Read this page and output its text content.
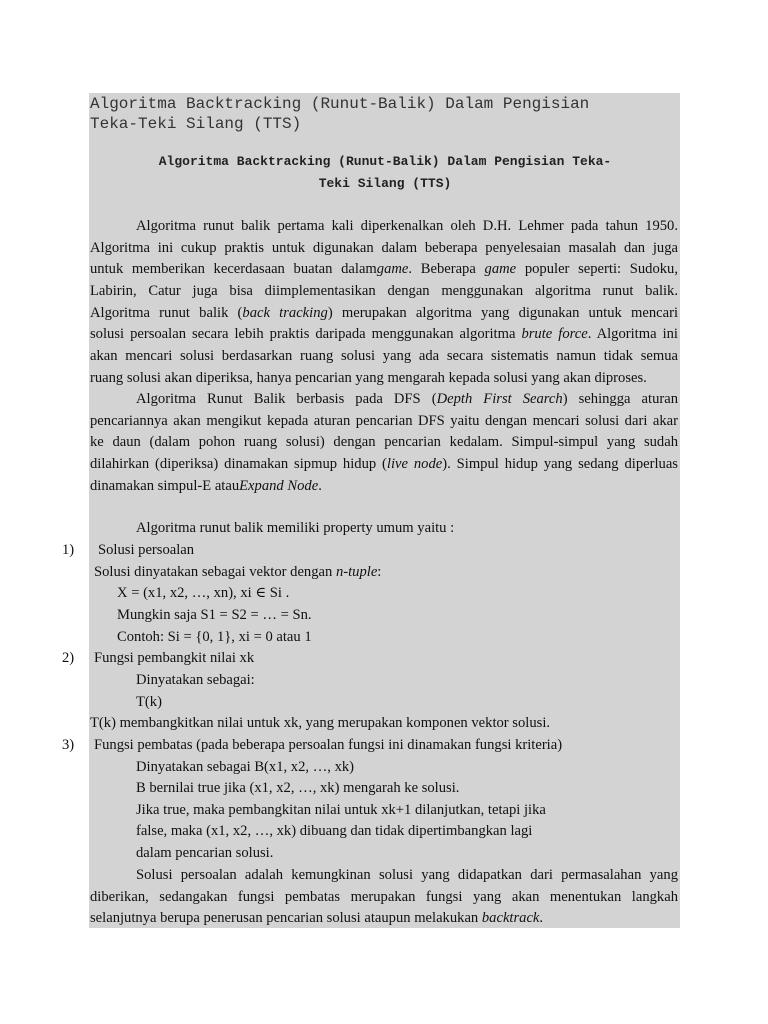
Algoritma Backtracking (Runut-Balik) Dalam Pengisian
Teka-Teki Silang (TTS)
Algoritma Backtracking (Runut-Balik) Dalam Pengisian Teka-
Teki Silang (TTS)
Algoritma runut balik pertama kali diperkenalkan oleh D.H. Lehmer pada tahun 1950.
Algoritma ini cukup praktis untuk digunakan dalam beberapa penyelesaian masalah dan juga
untuk memberikan kecerdasaan buatan dalamgame. Beberapa game populer seperti: Sudoku,
Labirin, Catur juga bisa diimplementasikan dengan menggunakan algoritma runut balik.
Algoritma runut balik (back tracking) merupakan algoritma yang digunakan untuk mencari
solusi persoalan secara lebih praktis daripada menggunakan algoritma brute force. Algoritma ini
akan mencari solusi berdasarkan ruang solusi yang ada secara sistematis namun tidak semua
ruang solusi akan diperiksa, hanya pencarian yang mengarah kepada solusi yang akan diproses.
Algoritma Runut Balik berbasis pada DFS (Depth First Search) sehingga aturan
pencariannya akan mengikut kepada aturan pencarian DFS yaitu dengan mencari solusi dari akar
ke daun (dalam pohon ruang solusi) dengan pencarian kedalam. Simpul-simpul yang sudah
dilahirkan (diperiksa) dinamakan sipmup hidup (live node). Simpul hidup yang sedang diperluas
dinamakan simpul-E atauExpand Node.

Algoritma runut balik memiliki property umum yaitu :

1) Solusi persoalan

Solusi dinyatakan sebagai vektor dengan n-tuple:

X = (x1, x2, …, xn), xi ∈ Si .

Mungkin saja S1 = S2 = … = Sn.

Contoh: Si = {0, 1}, xi = 0 atau 1

2) Fungsi pembangkit nilai xk

Dinyatakan sebagai:

T(k)

T(k) membangkitkan nilai untuk xk, yang merupakan komponen vektor solusi.

3) Fungsi pembatas (pada beberapa persoalan fungsi ini dinamakan fungsi kriteria)

Dinyatakan sebagai B(x1, x2, …, xk)

B bernilai true jika (x1, x2, …, xk) mengarah ke solusi.

Jika true, maka pembangkitan nilai untuk xk+1 dilanjutkan, tetapi jika

false, maka (x1, x2, …, xk) dibuang dan tidak dipertimbangkan lagi

dalam pencarian solusi.

Solusi persoalan adalah kemungkinan solusi yang didapatkan dari permasalahan yang
diberikan, sedangakan fungsi pembatas merupakan fungsi yang akan menentukan langkah
selanjutnya berupa penerusan pencarian solusi ataupun melakukan backtrack.
